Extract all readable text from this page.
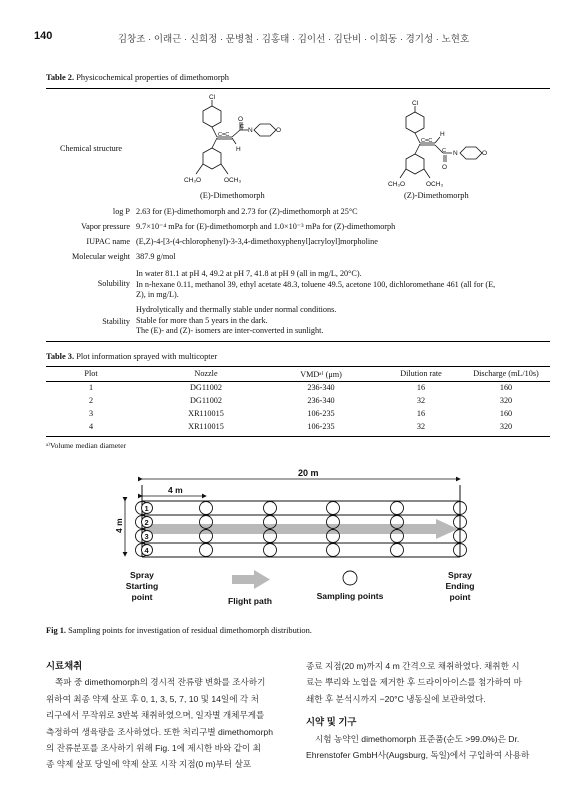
140	김창조 · 이래근 · 신희정 · 문병철 · 김홍태 · 김이선 · 김단비 · 이희동 · 경기성 · 노현호
Table 2. Physicochemical properties of dimethomorph
Chemical structure
Cl
O
C N	O
C=C
H
CH₃O	OCH₃
(E)-Dimethomorph
Cl
H
C=C
C N
O
O
CH₃O	OCH₃
(Z)-Dimethomorph
log P 2.63 for (E)-dimethomorph and 2.73 for (Z)-dimethomorph at 25°C
Vapor pressure 9.7×10⁻⁴ mPa for (E)-dimethomorph and 1.0×10⁻³ mPa for (Z)-dimethomorph
IUPAC name (E,Z)-4-[3-(4-chlorophenyl)-3-3,4-dimethoxyphenyl]acryloyl]morpholine
Molecular weight 387.9 g/mol
Solubility
In water 81.1 at pH 4, 49.2 at pH 7, 41.8 at pH 9 (all in mg/L, 20°C).
In n-hexane 0.11, methanol 39, ethyl acetate 48.3, toluene 49.5, acetone 100, dichloromethane 461 (all for (E,
Z), in mg/L).
Stability
Hydrolytically and thermally stable under normal conditions.
Stable for more than 5 years in the dark.
The (E)- and (Z)- isomers are inter-converted in sunlight.
Table 3. Plot information sprayed with multicopter
Plot	Nozzle	VMDᵃ⁾ (μm)	Dilution rate	Discharge (mL/10s)
1	DG11002	236-340	16	160
2	DG11002	236-340	32	320
3	XR110015	106-235	16	160
4	XR110015	106-235	32	320
ᵃ⁾Volume median diameter
20 m
4 m
4 m
1
2
3
4
Spray
Starting
point	Flight path	Sampling points
Spray
Ending
point
Fig 1. Sampling points for investigation of residual dimethomorph distribution.
시료채취
쪽파 중 dimethomorph의 경시적 잔류량 변화를 조사하기
위하여 최종 약제 살포 후 0, 1, 3, 5, 7, 10 및 14일에 각 처
리구에서 무작위로 3반복 채취하였으며, 일자별 개체무게를
측정하여 생육량을 조사하였다. 또한 처리구별 dimethomorph
의 잔류분포를 조사하기 위해 Fig. 1에 제시한 바와 같이 최
종 약제 살포 당일에 약제 살포 시작 지점(0 m)부터 살포
종료 지점(20 m)까지 4 m 간격으로 채취하였다. 채취한 시
료는 뿌리와 노엽을 제거한 후 드라이아이스를 첨가하여 마
쇄한 후 분석시까지 −20°C 냉동실에 보관하였다.
시약 및 기구
시험 농약인 dimethomorph 표준품(순도 >99.0%)은 Dr.
Ehrenstofer GmbH사(Augsburg, 독일)에서 구입하여 사용하
